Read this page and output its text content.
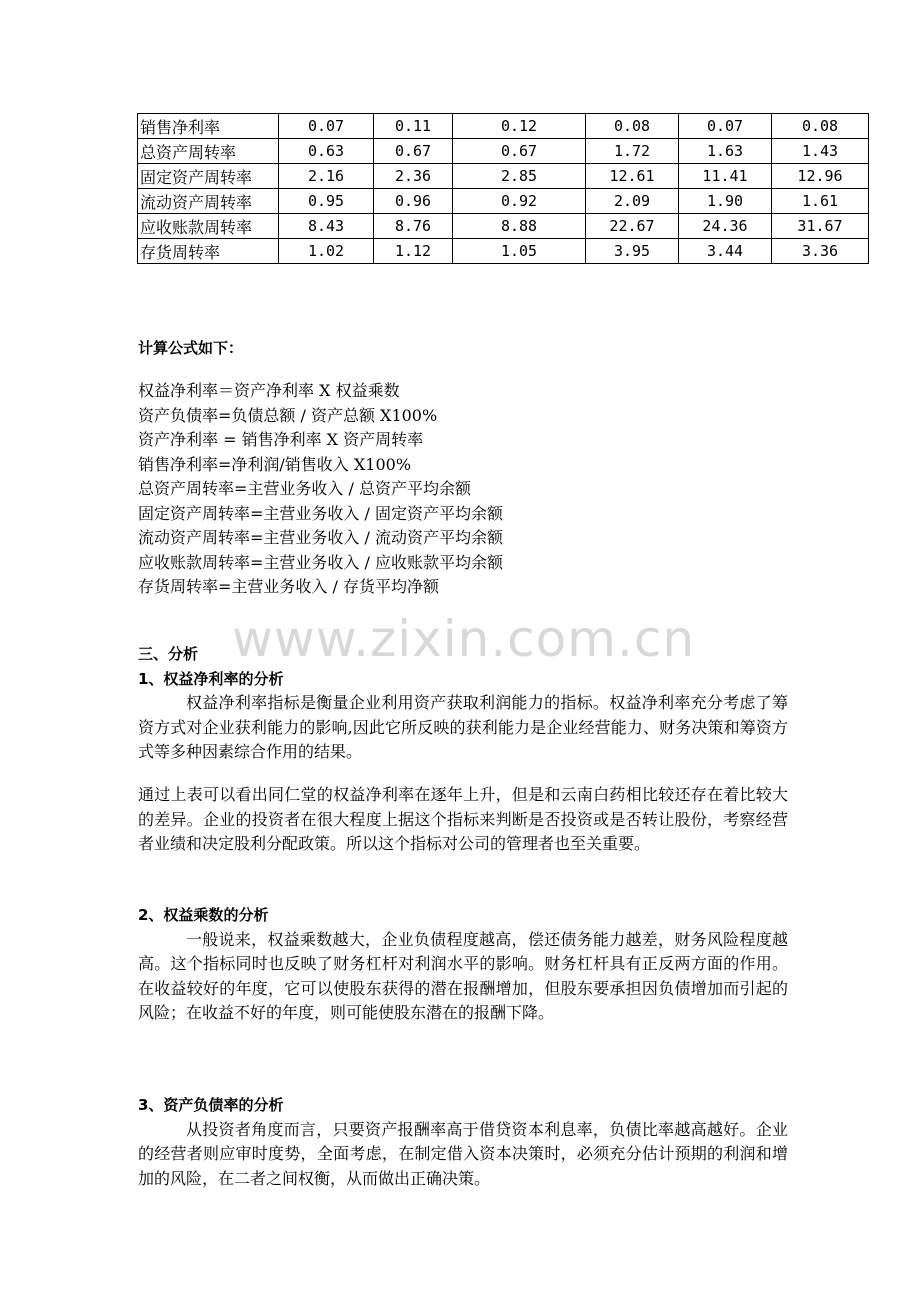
销售净利率	0.07	0.11	0.12	0.08	0.07	0.08
总资产周转率	0.63	0.67	0.67	1.72	1.63	1.43
固定资产周转率	2.16	2.36	2.85	12.61	11.41	12.96
流动资产周转率	0.95	0.96	0.92	2.09	1.90	1.61
应收账款周转率	8.43	8.76	8.88	22.67	24.36	31.67
存货周转率	1.02	1.12	1.05	3.95	3.44	3.36
计算公式如下：
权益净利率＝资产净利率 X 权益乘数
资产负债率=负债总额 / 资产总额 X100%
资产净利率 = 销售净利率 X 资产周转率
销售净利率=净利润/销售收入 X100%
总资产周转率=主营业务收入 / 总资产平均余额
固定资产周转率=主营业务收入 / 固定资产平均余额
流动资产周转率=主营业务收入 / 流动资产平均余额
应收账款周转率=主营业务收入 / 应收账款平均余额
存货周转率=主营业务收入 / 存货平均净额
三、分析
1、权益净利率的分析

权益净利率指标是衡量企业利用资产获取利润能力的指标。权益净利率充分考虑了筹资方式对企业获利能力的影响,因此它所反映的获利能力是企业经营能力、财务决策和筹资方式等多种因素综合作用的结果。

通过上表可以看出同仁堂的权益净利率在逐年上升，但是和云南白药相比较还存在着比较大的差异。企业的投资者在很大程度上据这个指标来判断是否投资或是否转让股份，考察经营者业绩和决定股利分配政策。所以这个指标对公司的管理者也至关重要。

2、权益乘数的分析

一般说来，权益乘数越大，企业负债程度越高，偿还债务能力越差，财务风险程度越高。这个指标同时也反映了财务杠杆对利润水平的影响。财务杠杆具有正反两方面的作用。在收益较好的年度，它可以使股东获得的潜在报酬增加，但股东要承担因负债增加而引起的风险；在收益不好的年度，则可能使股东潜在的报酬下降。

3、资产负债率的分析

从投资者角度而言，只要资产报酬率高于借贷资本利息率，负债比率越高越好。企业的经营者则应审时度势，全面考虑，在制定借入资本决策时，必须充分估计预期的利润和增加的风险，在二者之间权衡，从而做出正确决策。

www.zixin.com.cn
